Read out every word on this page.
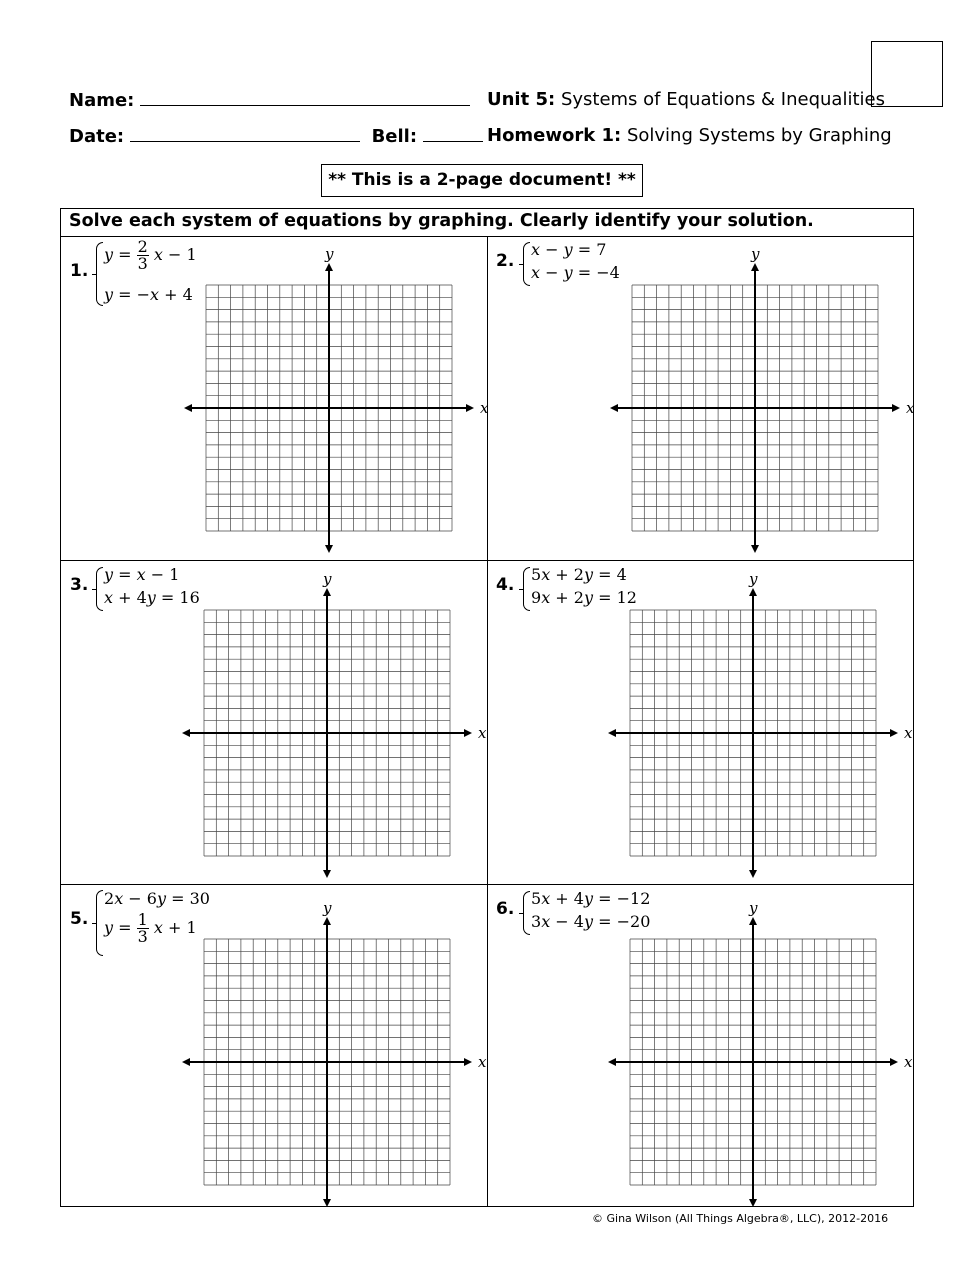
Name:
Date:	Bell:
Unit 5: Systems of Equations & Inequalities
Homework 1: Solving Systems by Graphing
** This is a 2-page document! **
Solve each system of equations by graphing. Clearly identify your solution.
1.
$y = \frac{2}{3}$ x − 1
y = −x + 4
2.
x − y = 7
x − y = −4
3.
y = x − 1
x + 4y = 16
4.
5x + 2y = 4
9x + 2y = 12
5.
2x − 6y = 30
$y = \frac{1}{3}$ x + 1
6.
5x + 4y = −12
3x − 4y = −20
x
y
x
y
x
y
x
y
x
y
x
y
© Gina Wilson (All Things Algebra®, LLC), 2012-2016
